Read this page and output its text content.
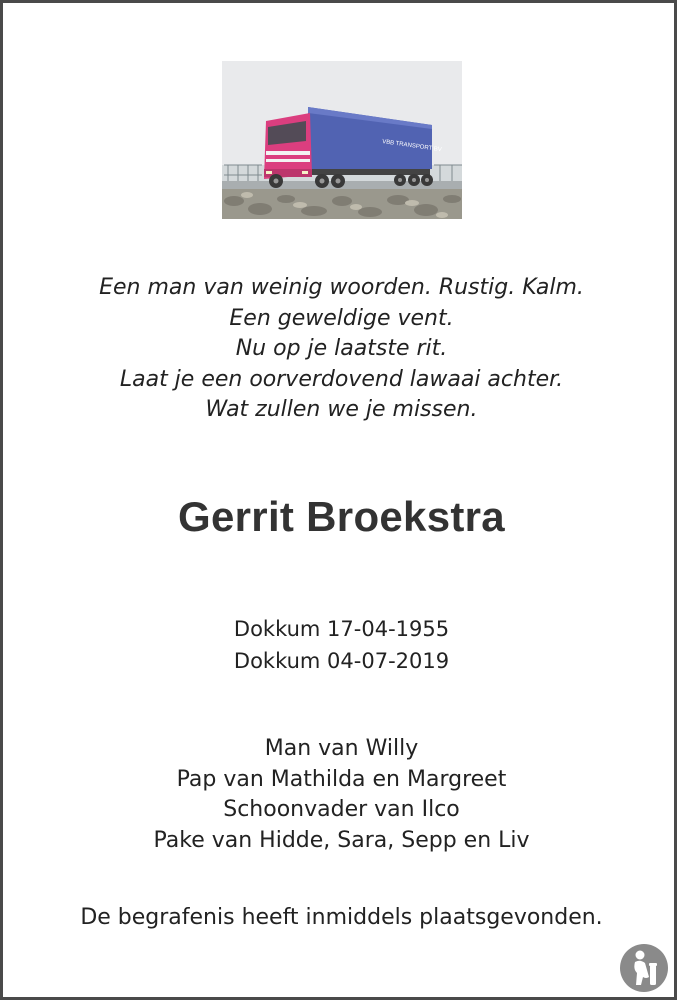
VBB TRANSPORT BV
Een man van weinig woorden. Rustig. Kalm.
Een geweldige vent.
Nu op je laatste rit.
Laat je een oorverdovend lawaai achter.
Wat zullen we je missen.
Gerrit Broekstra
Dokkum 17-04-1955
Dokkum 04-07-2019
Man van Willy
Pap van Mathilda en Margreet
Schoonvader van Ilco
Pake van Hidde, Sara, Sepp en Liv
De begrafenis heeft inmiddels plaatsgevonden.
